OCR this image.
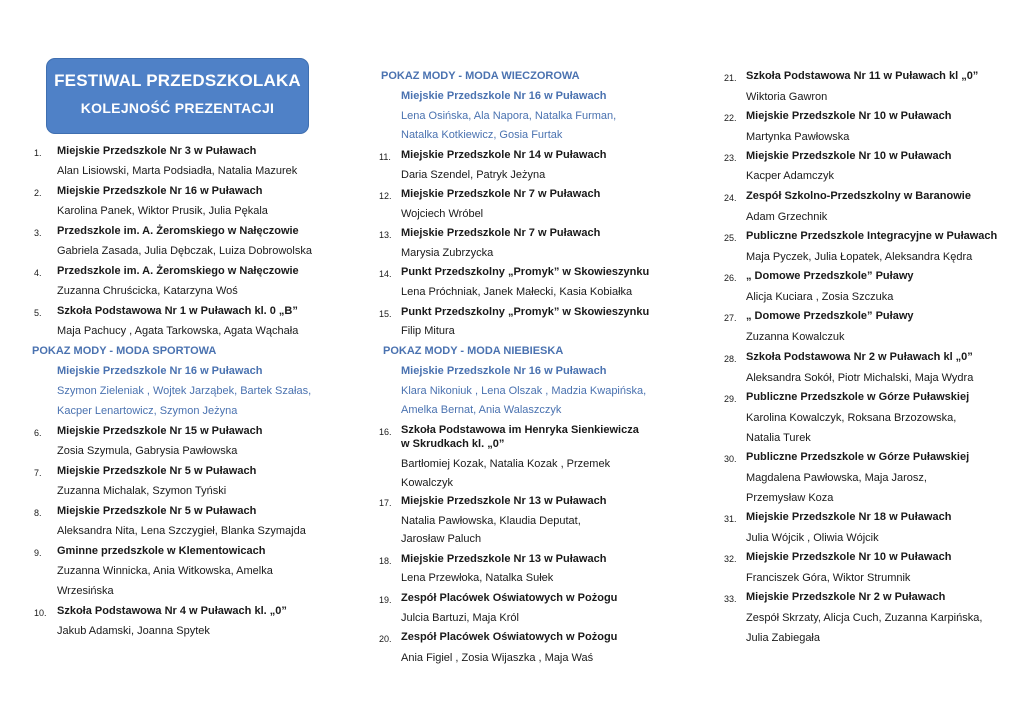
FESTIWAL PRZEDSZKOLAKA
KOLEJNOŚĆ PREZENTACJI
1. Miejskie Przedszkole Nr 3 w Puławach
Alan Lisiowski, Marta Podsiadła, Natalia Mazurek
2. Miejskie Przedszkole Nr 16 w Puławach
Karolina Panek, Wiktor Prusik, Julia Pękala
3. Przedszkole im. A. Żeromskiego w Nałęczowie
Gabriela Zasada, Julia Dębczak, Luiza Dobrowolska
4. Przedszkole im. A. Żeromskiego w Nałęczowie
Zuzanna Chruścicka, Katarzyna Woś
5. Szkoła Podstawowa Nr 1 w Puławach kl. 0 „B”
Maja Pachucy , Agata Tarkowska, Agata Wąchała
POKAZ MODY - MODA SPORTOWA
Miejskie Przedszkole Nr 16 w Puławach
Szymon Zieleniak , Wojtek Jarząbek, Bartek Szałas,
Kacper Lenartowicz, Szymon Jeżyna
6. Miejskie Przedszkole Nr 15 w Puławach
Zosia Szymula, Gabrysia Pawłowska
7. Miejskie Przedszkole Nr 5 w Puławach
Zuzanna Michalak, Szymon Tyński
8. Miejskie Przedszkole Nr 5 w Puławach
Aleksandra Nita, Lena Szczygieł, Blanka Szymajda
9. Gminne przedszkole w Klementowicach
Zuzanna Winnicka, Ania Witkowska, Amelka
Wrzesińska
10. Szkoła Podstawowa Nr 4 w Puławach kl. „0”
Jakub Adamski, Joanna Spytek
POKAZ MODY - MODA WIECZOROWA
Miejskie Przedszkole Nr 16 w Puławach
Lena Osińska, Ala Napora, Natalka Furman,
Natalka Kotkiewicz, Gosia Furtak
11. Miejskie Przedszkole Nr 14 w Puławach
Daria Szendel, Patryk Jeżyna
12. Miejskie Przedszkole Nr 7 w Puławach
Wojciech Wróbel
13. Miejskie Przedszkole Nr 7 w Puławach
Marysia Zubrzycka
14. Punkt Przedszkolny „Promyk” w Skowieszynku
Lena Próchniak, Janek Małecki, Kasia Kobiałka
15. Punkt Przedszkolny „Promyk” w Skowieszynku
Filip Mitura
POKAZ MODY - MODA NIEBIESKA
Miejskie Przedszkole Nr 16 w Puławach
Klara Nikoniuk , Lena Olszak , Madzia Kwapińska,
Amelka Bernat, Ania Walaszczyk
16. Szkoła Podstawowa im Henryka Sienkiewicza
w Skrudkach kl. „0”
Bartłomiej Kozak, Natalia Kozak , Przemek
Kowalczyk
17. Miejskie Przedszkole Nr 13 w Puławach
Natalia Pawłowska, Klaudia Deputat,
Jarosław Paluch
18. Miejskie Przedszkole Nr 13 w Puławach
Lena Przewłoka, Natalka Sułek
19. Zespół Placówek Oświatowych w Pożogu
Julcia Bartuzi, Maja Król
20. Zespół Placówek Oświatowych w Pożogu
Ania Figiel , Zosia Wijaszka , Maja Waś
21. Szkoła Podstawowa Nr 11 w Puławach kl „0”
Wiktoria Gawron
22. Miejskie Przedszkole Nr 10 w Puławach
Martynka Pawłowska
23. Miejskie Przedszkole Nr 10 w Puławach
Kacper Adamczyk
24. Zespół Szkolno-Przedszkolny w Baranowie
Adam Grzechnik
25. Publiczne Przedszkole Integracyjne w Puławach
Maja Pyczek, Julia Łopatek, Aleksandra Kędra
26. „ Domowe Przedszkole” Puławy
Alicja Kuciara , Zosia Szczuka
27. „ Domowe Przedszkole” Puławy
Zuzanna Kowalczuk
28. Szkoła Podstawowa Nr 2 w Puławach kl „0”
Aleksandra Sokół, Piotr Michalski, Maja Wydra
29. Publiczne Przedszkole w Górze Puławskiej
Karolina Kowalczyk, Roksana Brzozowska,
Natalia Turek
30. Publiczne Przedszkole w Górze Puławskiej
Magdalena Pawłowska, Maja Jarosz,
Przemysław Koza
31. Miejskie Przedszkole Nr 18 w Puławach
Julia Wójcik , Oliwia Wójcik
32. Miejskie Przedszkole Nr 10 w Puławach
Franciszek Góra, Wiktor Strumnik
33. Miejskie Przedszkole Nr 2 w Puławach
Zespół Skrzaty, Alicja Cuch, Zuzanna Karpińska,
Julia Zabiegała
